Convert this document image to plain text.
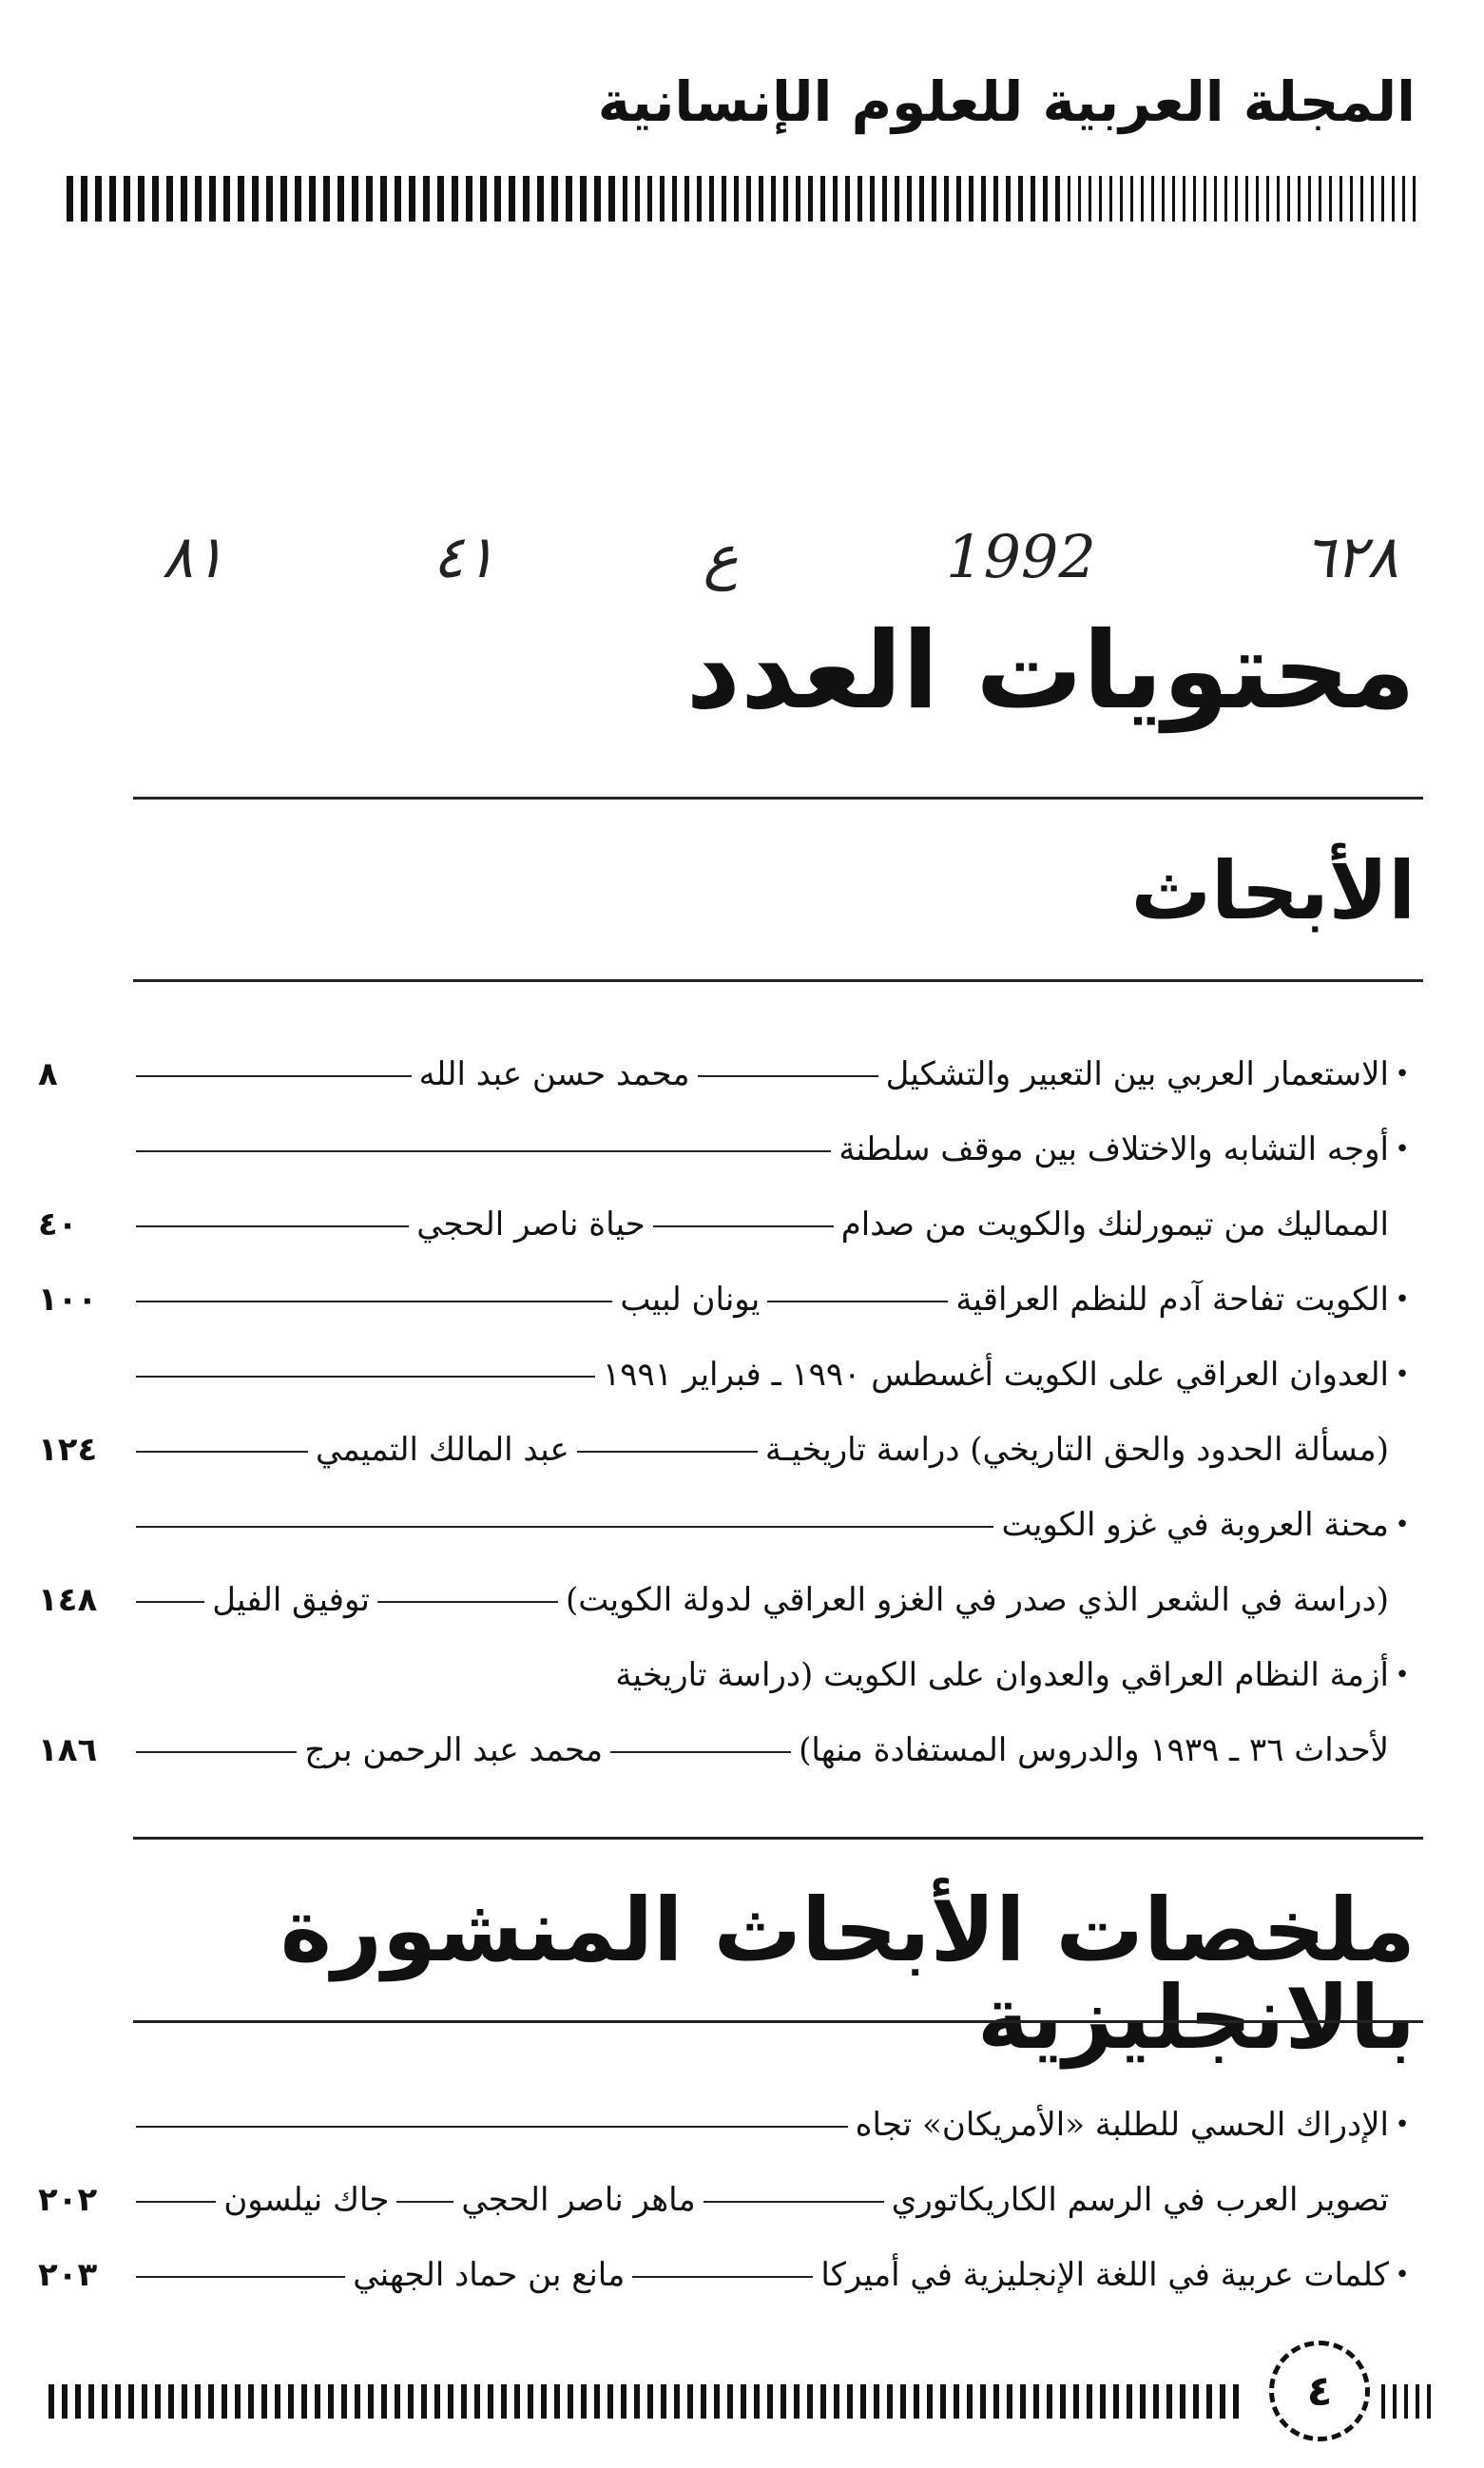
المجلة العربية للعلوم الإنسانية
٦٢٨
1992
ع
٤١
٨١
محتويات العدد
الأبحاث
•
الاستعمار العربي بين التعبير والتشكيل
محمد حسن عبد الله
٨
•
أوجه التشابه والاختلاف بين موقف سلطنة
المماليك من تيمورلنك والكويت من صدام
حياة ناصر الحجي
٤٠
•
الكويت تفاحة آدم للنظم العراقية
يونان لبيب
١٠٠
•
العدوان العراقي على الكويت أغسطس ١٩٩٠ ـ فبراير ١٩٩١
(مسألة الحدود والحق التاريخي) دراسة تاريخيـة
عبد المالك التميمي
١٢٤
•
محنة العروبة في غزو الكويت
(دراسة في الشعر الذي صدر في الغزو العراقي لدولة الكويت)
توفيق الفيل
١٤٨
•
أزمة النظام العراقي والعدوان على الكويت (دراسة تاريخية
لأحداث ٣٦ ـ ١٩٣٩ والدروس المستفادة منها)
محمد عبد الرحمن برج
١٨٦
ملخصات الأبحاث المنشورة بالانجليزية
•
الإدراك الحسي للطلبة «الأمريكان» تجاه
تصوير العرب في الرسم الكاريكاتوري
ماهر ناصر الحجي
جاك نيلسون
٢٠٢
•
كلمات عربية في اللغة الإنجليزية في أميركا
مانع بن حماد الجهني
٢٠٣
٤
